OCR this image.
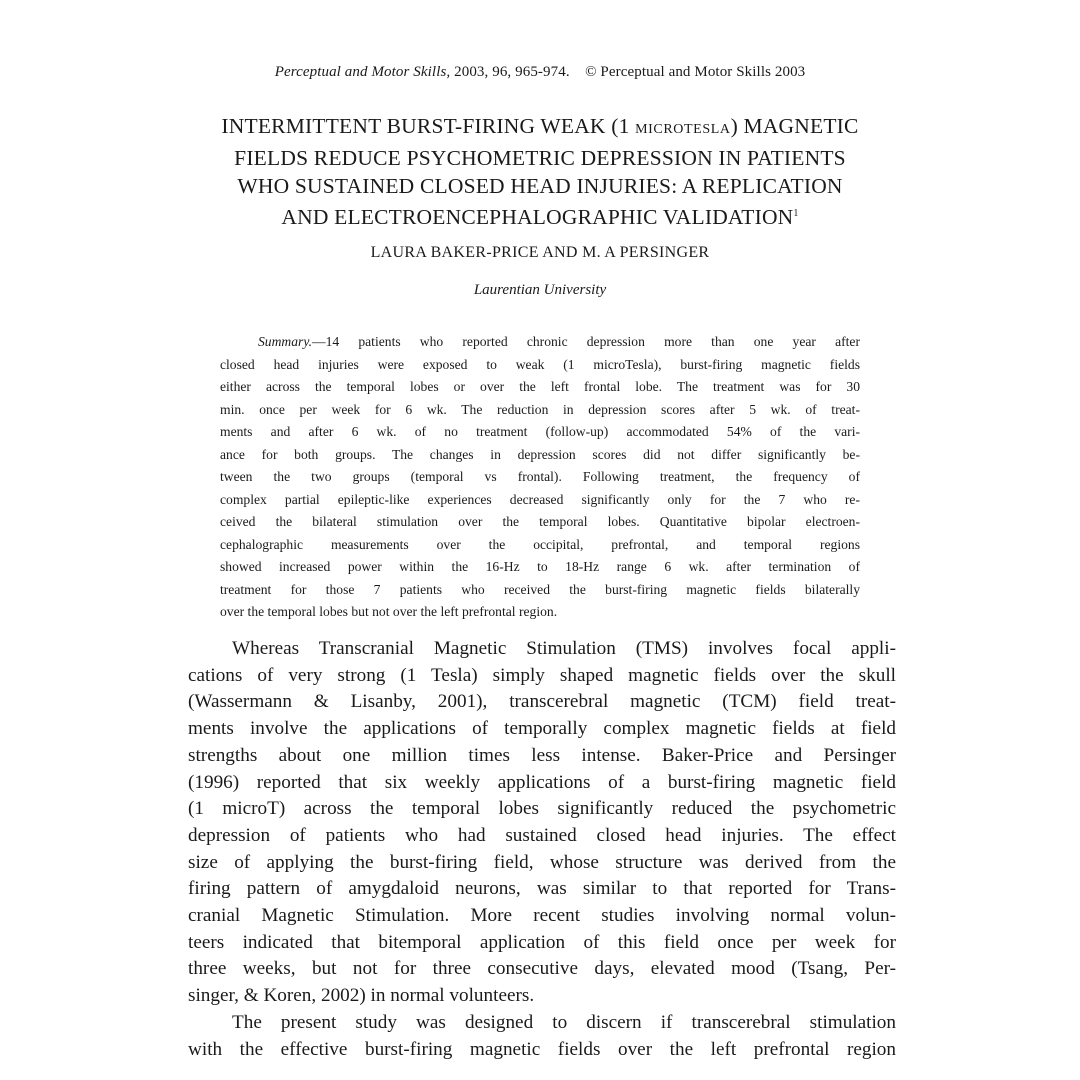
Perceptual and Motor Skills, 2003, 96, 965-974. © Perceptual and Motor Skills 2003
INTERMITTENT BURST-FIRING WEAK (1 MICROTESLA) MAGNETIC
FIELDS REDUCE PSYCHOMETRIC DEPRESSION IN PATIENTS
WHO SUSTAINED CLOSED HEAD INJURIES: A REPLICATION
AND ELECTROENCEPHALOGRAPHIC VALIDATION$^1$
LAURA BAKER-PRICE AND M. A PERSINGER
Laurentian University
Summary.—14 patients who reported chronic depression more than one year after
closed head injuries were exposed to weak (1 microTesla), burst-firing magnetic fields
either across the temporal lobes or over the left frontal lobe. The treatment was for 30
min. once per week for 6 wk. The reduction in depression scores after 5 wk. of treat-
ments and after 6 wk. of no treatment (follow-up) accommodated 54% of the vari-
ance for both groups. The changes in depression scores did not differ significantly be-
tween the two groups (temporal vs frontal). Following treatment, the frequency of
complex partial epileptic-like experiences decreased significantly only for the 7 who re-
ceived the bilateral stimulation over the temporal lobes. Quantitative bipolar electroen-
cephalographic measurements over the occipital, prefrontal, and temporal regions
showed increased power within the 16-Hz to 18-Hz range 6 wk. after termination of
treatment for those 7 patients who received the burst-firing magnetic fields bilaterally
over the temporal lobes but not over the left prefrontal region.
Whereas Transcranial Magnetic Stimulation (TMS) involves focal appli-
cations of very strong (1 Tesla) simply shaped magnetic fields over the skull
(Wassermann & Lisanby, 2001), transcerebral magnetic (TCM) field treat-
ments involve the applications of temporally complex magnetic fields at field
strengths about one million times less intense. Baker-Price and Persinger
(1996) reported that six weekly applications of a burst-firing magnetic field
(1 microT) across the temporal lobes significantly reduced the psychometric
depression of patients who had sustained closed head injuries. The effect
size of applying the burst-firing field, whose structure was derived from the
firing pattern of amygdaloid neurons, was similar to that reported for Trans-
cranial Magnetic Stimulation. More recent studies involving normal volun-
teers indicated that bitemporal application of this field once per week for
three weeks, but not for three consecutive days, elevated mood (Tsang, Per-
singer, & Koren, 2002) in normal volunteers.
The present study was designed to discern if transcerebral stimulation
with the effective burst-firing magnetic fields over the left prefrontal region
